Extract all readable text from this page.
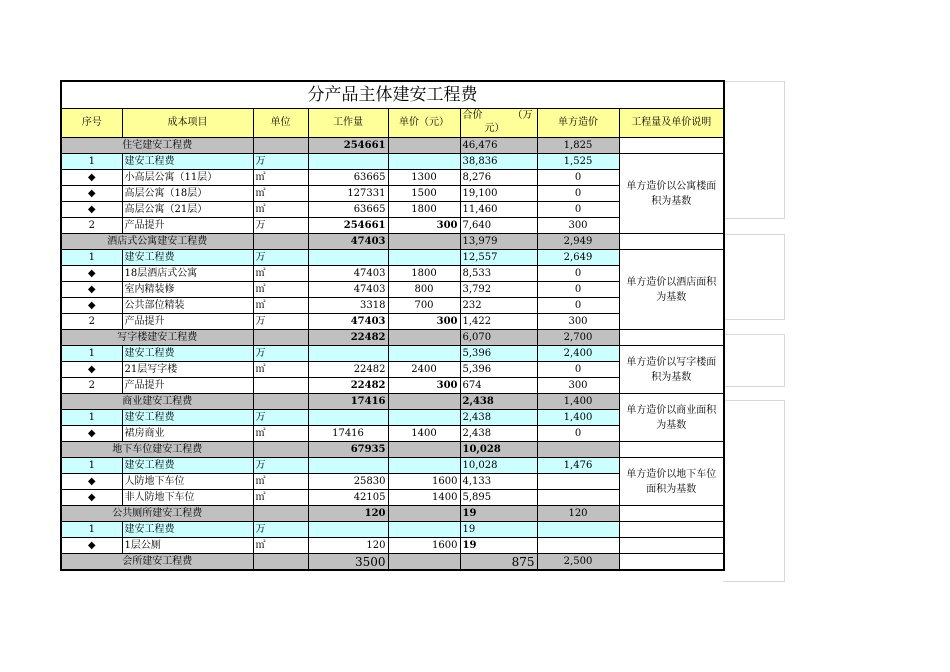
分产品主体建安工程费							
序号	成本项目	单位	工作量	单价（元）	合价 （万
元）	单方造价	工程量及单价说明
住宅建安工程费			254661		46,476	1,825	
1	建安工程费	万			38,836	1,525	单方造价以公寓楼面积为基数
◆	小高层公寓（11层）	㎡	63665	1300	8,276	0	
◆	高层公寓（18层）	㎡	127331	1500	19,100	0	
◆	高层公寓（21层）	㎡	63665	1800	11,460	0	
2	产品提升	万	254661	300	7,640	300	
酒店式公寓建安工程费			47403		13,979	2,949	
1	建安工程费	万			12,557	2,649	单方造价以酒店面积为基数
◆	18层酒店式公寓	㎡	47403	1800	8,533	0	
◆	室内精装修	㎡	47403	800	3,792	0	
◆	公共部位精装	㎡	3318	700	232	0	
2	产品提升	万	47403	300	1,422	300	
写字楼建安工程费			22482		6,070	2,700	
1	建安工程费	万			5,396	2,400	单方造价以写字楼面积为基数
◆	21层写字楼	㎡	22482	2400	5,396	0	
2	产品提升		22482	300	674	300	
商业建安工程费			17416		2,438	1,400	单方造价以商业面积为基数
1	建安工程费	万			2,438	1,400	
◆	裙房商业	㎡	17416	1400	2,438	0	
地下车位建安工程费			67935		10,028		
1	建安工程费	万			10,028	1,476	单方造价以地下车位面积为基数
◆	人防地下车位	㎡	25830	1600	4,133		
◆	非人防地下车位	㎡	42105	1400	5,895		
公共厕所建安工程费			120		19	120	
1	建安工程费	万			19		
◆	1层公厕	㎡	120	1600	19		
会所建安工程费			3500		875	2,500	
